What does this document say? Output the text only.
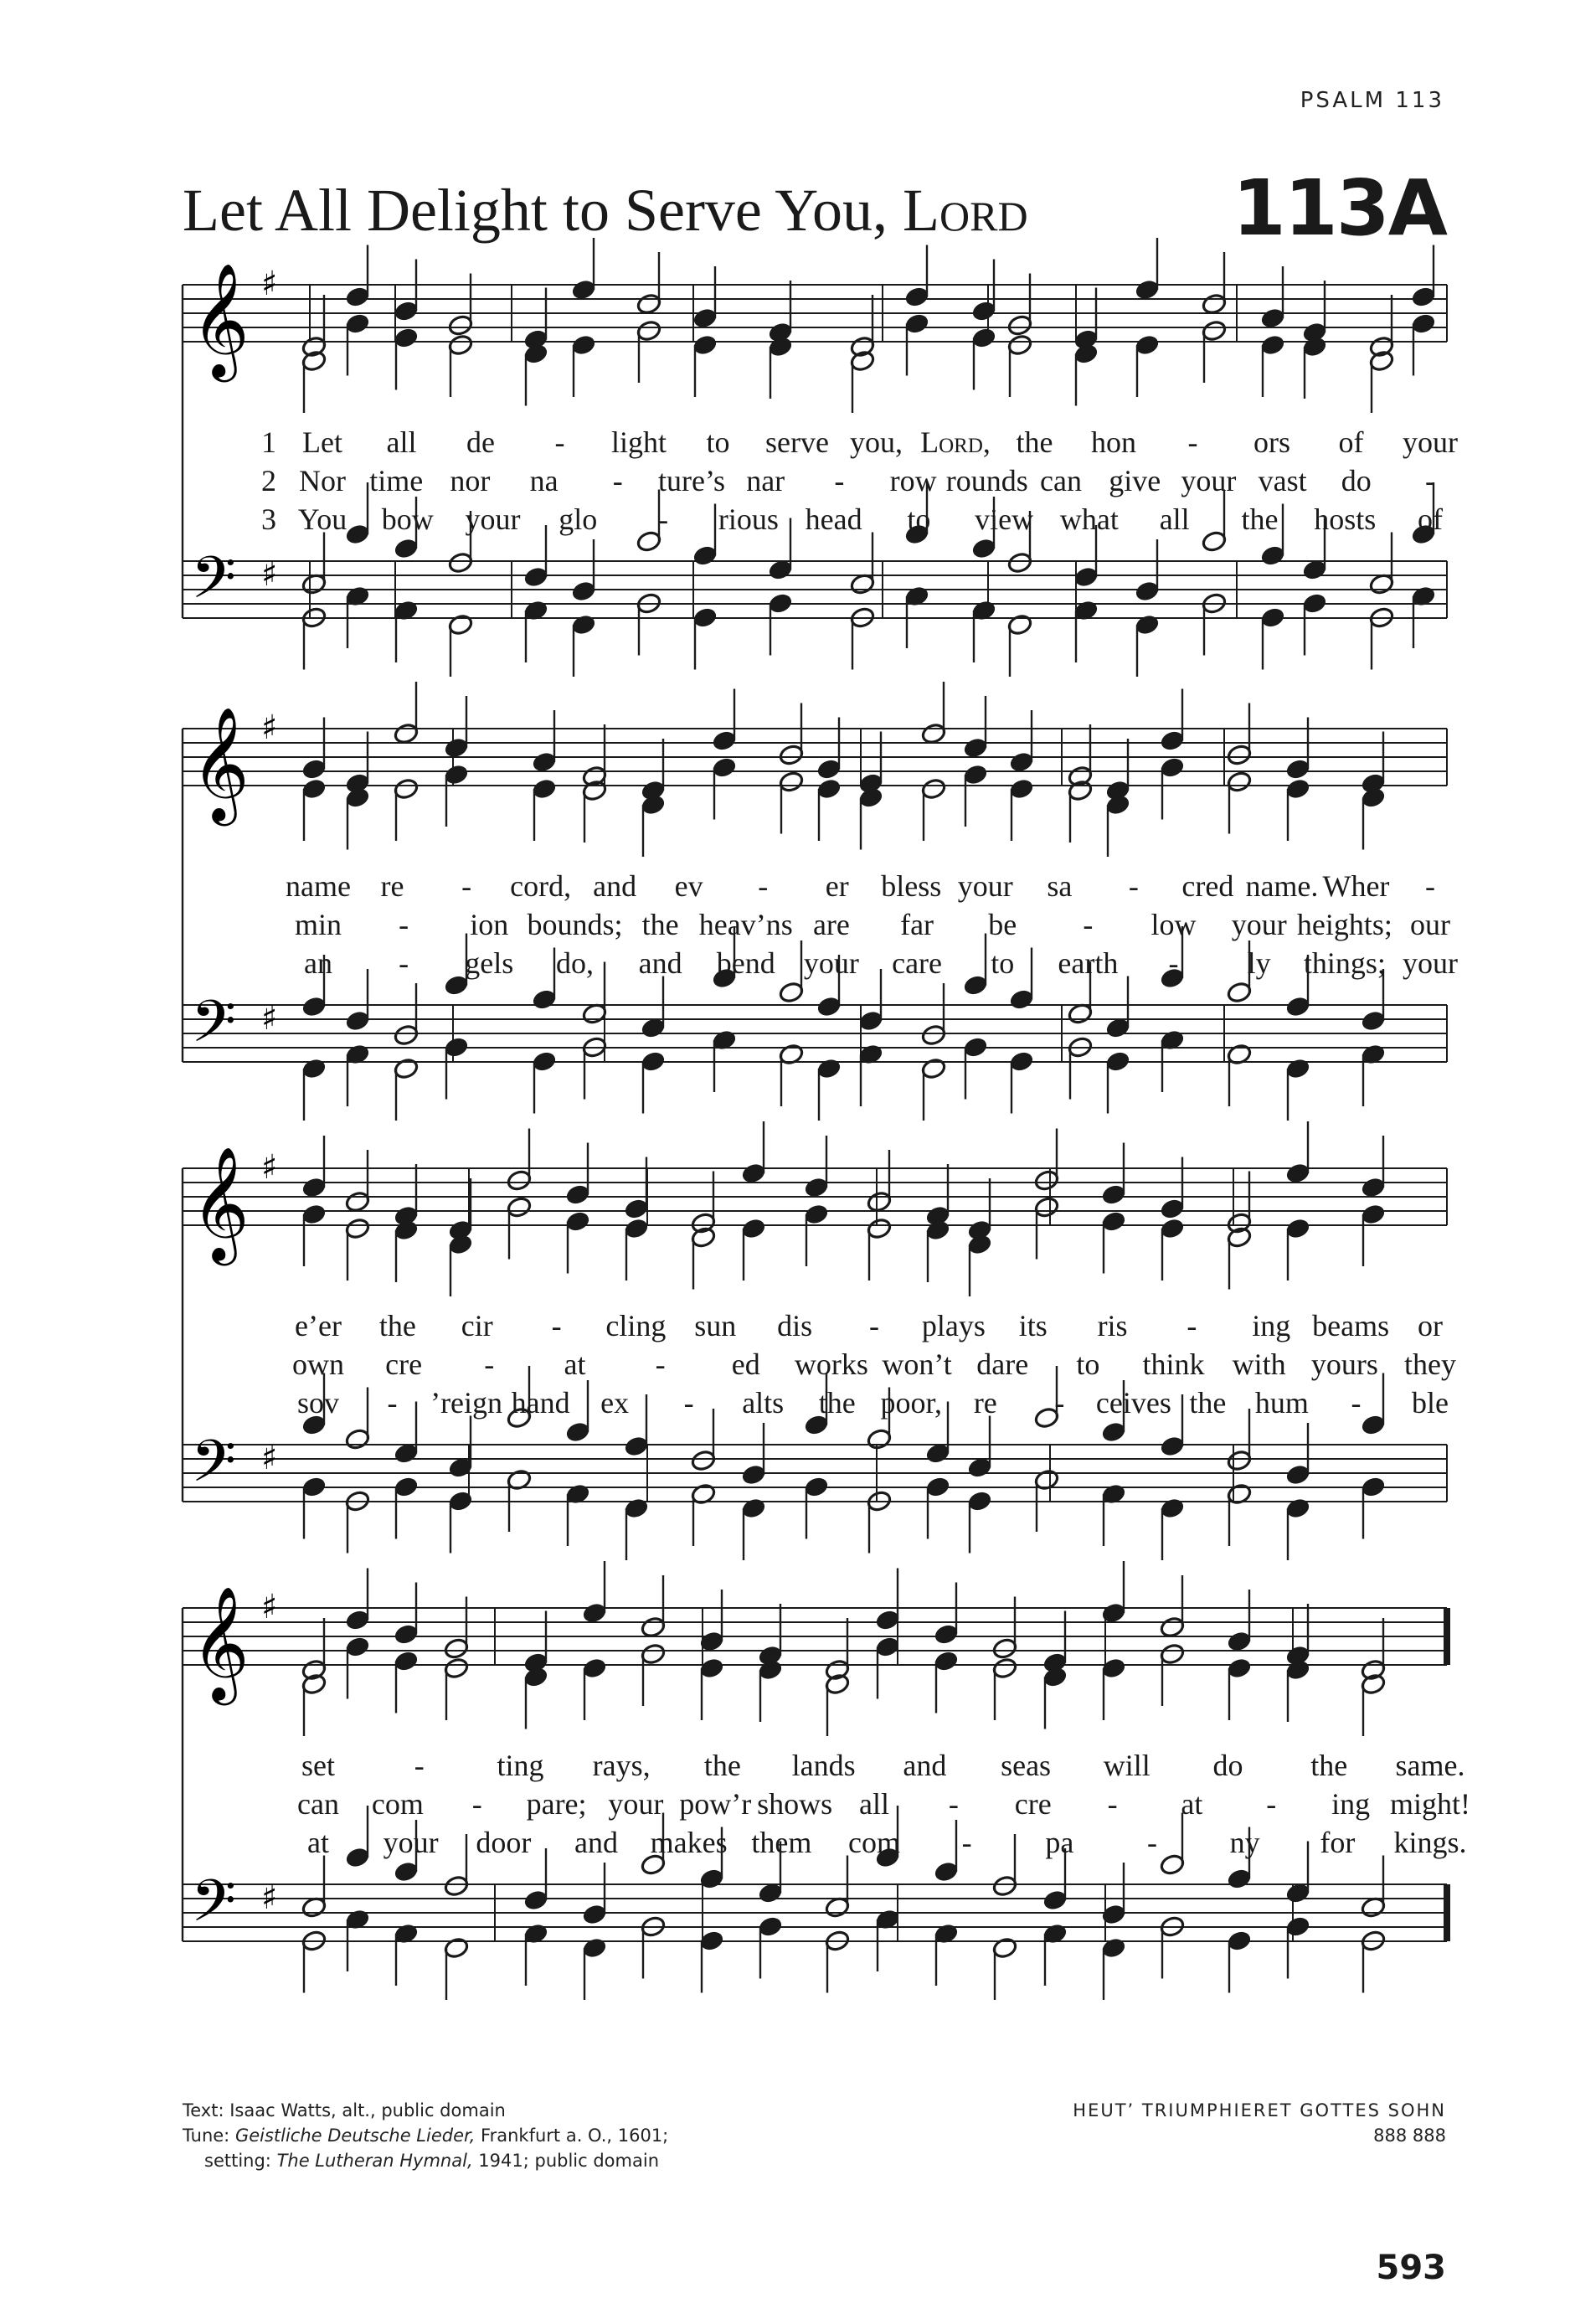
PSALM 113
Let All Delight to Serve You, Lord	113A
𝄞
𝄢
♯
♯
𝄞
𝄢
♯
♯
𝄞
𝄢
♯
♯
𝄞
𝄢
♯
♯
Text: Isaac Watts, alt., public domain
Tune: Geistliche Deutsche Lieder, Frankfurt a. O., 1601;

setting: The Lutheran Hymnal, 1941; public domain
HEUT’ TRIUMPHIERET GOTTES SOHN
888 888
593
1 Let all de - light to serve you, Lord, the hon - ors of your
2 Nor time nor na - ture’s nar - row rounds can give your vast do -
3 You bow your glo - rious head to view what all the hosts of
name re - cord, and ev - er bless your sa - cred name. Wher -
min - ion bounds; the heav’ns are far be - low your heights; our
an - gels do, and bend your care to earth - ly things; your
e’er the cir - cling sun dis - plays its ris - ing beams or
own cre - at - ed works won’t dare to think with yours they
sov - ’reign hand ex - alts the poor, re - ceives the hum - ble
set	- ting rays, the lands and seas will do the same.
can com - pare; your pow’r shows all - cre - at - ing might!
at your door and makes them com - pa - ny for kings.
